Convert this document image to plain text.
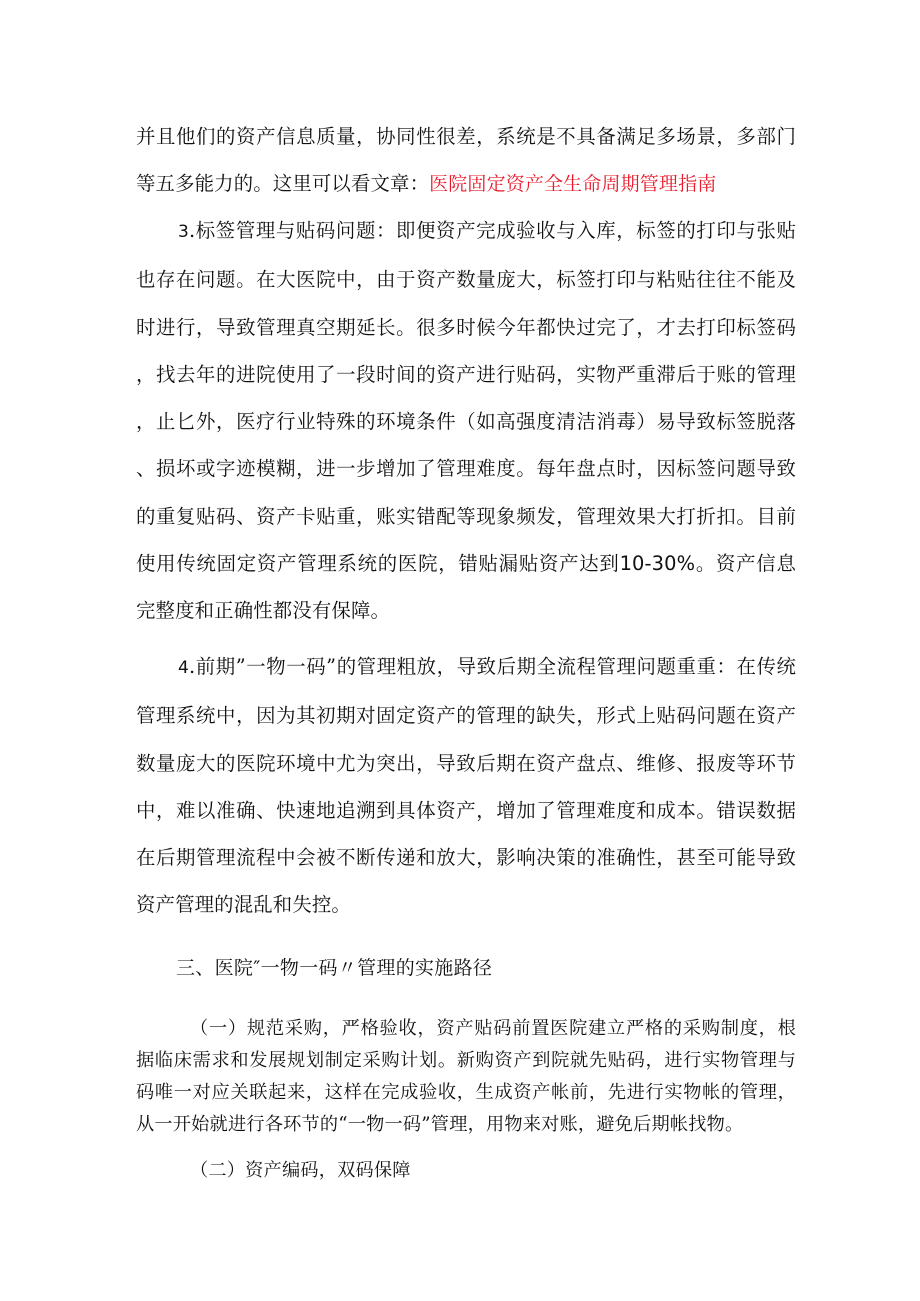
并且他们的资产信息质量，协同性很差，系统是不具备满足多场景，多部门等五多能力的。这里可以看文章：医院固定资产全生命周期管理指南

3.标签管理与贴码问题：即便资产完成验收与入库，标签的打印与张贴也存在问题。在大医院中，由于资产数量庞大，标签打印与粘贴往往不能及时进行，导致管理真空期延长。很多时候今年都快过完了，才去打印标签码，找去年的进院使用了一段时间的资产进行贴码，实物严重滞后于账的管理，止匕外，医疗行业特殊的环境条件（如高强度清洁消毒）易导致标签脱落、损坏或字迹模糊，进一步增加了管理难度。每年盘点时，因标签问题导致的重复贴码、资产卡贴重，账实错配等现象频发，管理效果大打折扣。目前使用传统固定资产管理系统的医院，错贴漏贴资产达到10-30%。资产信息完整度和正确性都没有保障。

4.前期”一物一码”的管理粗放，导致后期全流程管理问题重重：在传统管理系统中，因为其初期对固定资产的管理的缺失，形式上贴码问题在资产数量庞大的医院环境中尤为突出，导致后期在资产盘点、维修、报废等环节中，难以准确、快速地追溯到具体资产，增加了管理难度和成本。错误数据在后期管理流程中会被不断传递和放大，影响决策的准确性，甚至可能导致资产管理的混乱和失控。

三、医院″一物一码〃管理的实施路径

（一）规范采购，严格验收，资产贴码前置医院建立严格的采购制度，根据临床需求和发展规划制定采购计划。新购资产到院就先贴码，进行实物管理与码唯一对应关联起来，这样在完成验收，生成资产帐前，先进行实物帐的管理，从一开始就进行各环节的“一物一码”管理，用物来对账，避免后期帐找物。

（二）资产编码，双码保障
